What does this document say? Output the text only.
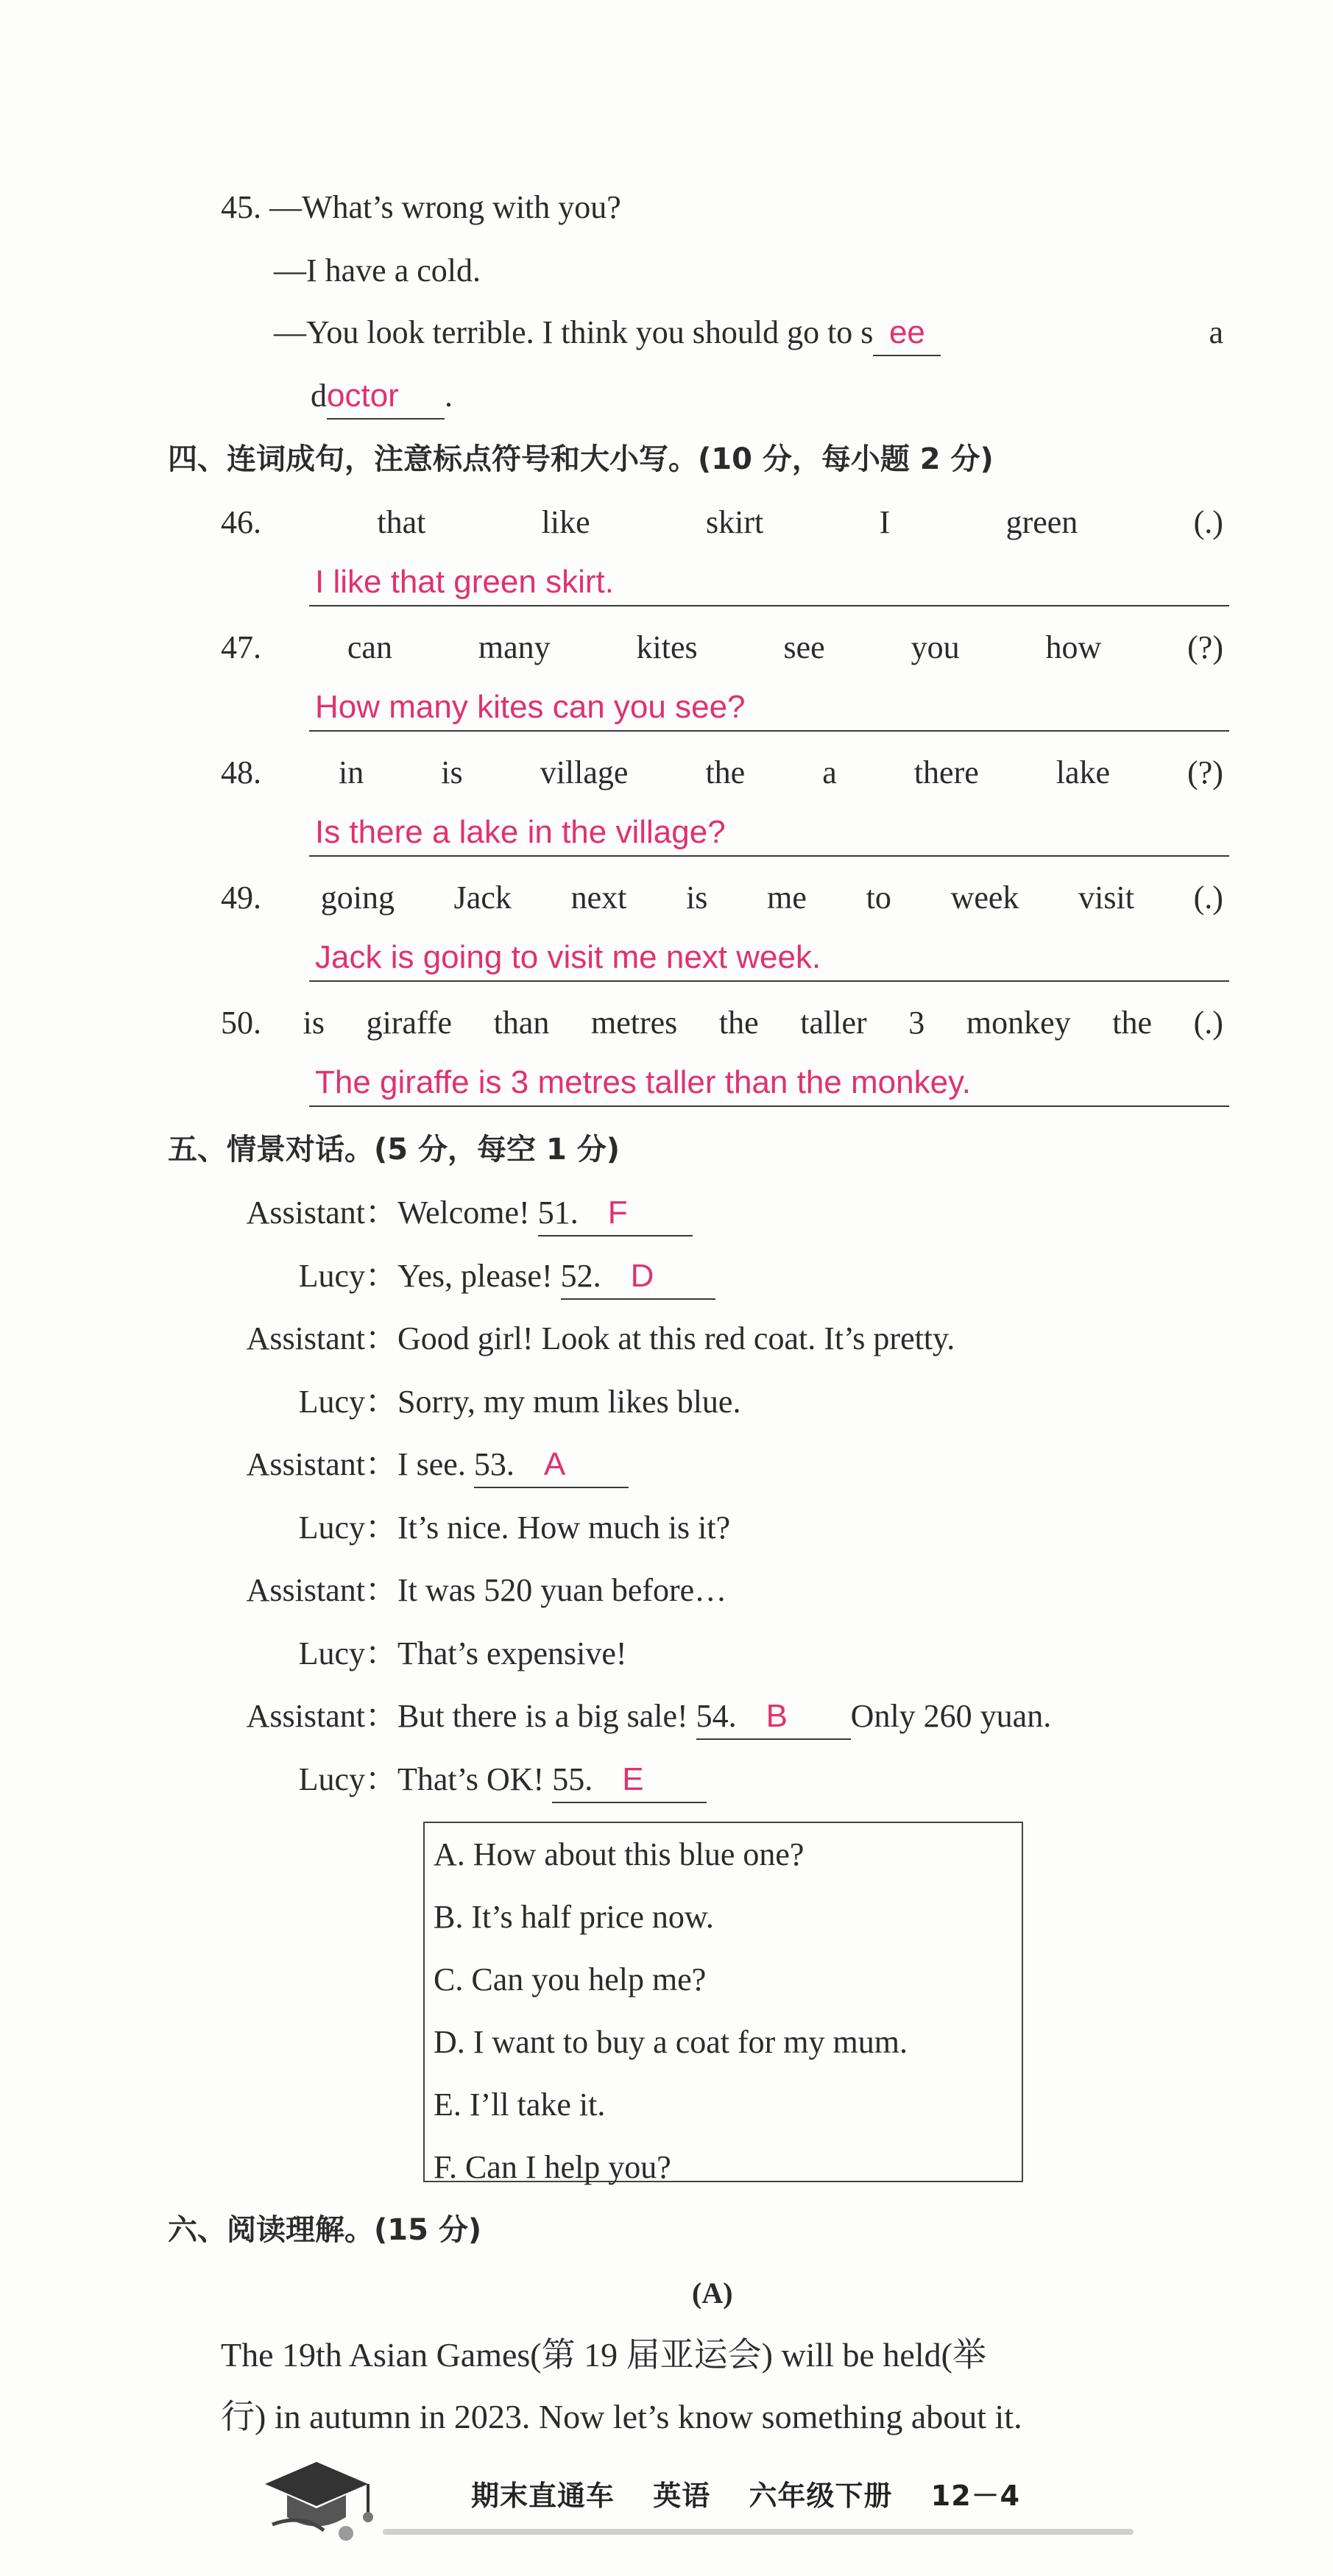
45. —What’s wrong with you?
—I have a cold.
—You look terrible. I think you should go to s ee	a
doctor .
四、连词成句，注意标点符号和大小写。(10 分，每小题 2 分)
46.	that	like	skirt	I	green	(.)
I like that green skirt.
47.	can	many	kites	see	you	how	(?)
How many kites can you see?
48. in is village the a there lake (?)
Is there a lake in the village?
49. going Jack next is me to week visit (.)
Jack is going to visit me next week.
50. is giraffe than metres the taller 3 monkey the (.)
The giraffe is 3 metres taller than the monkey.
五、情景对话。(5 分，每空 1 分)
Assistant：Welcome! 51. F
Lucy：Yes, please! 52. D
Assistant：Good girl! Look at this red coat. It’s pretty.
Lucy：Sorry, my mum likes blue.
Assistant：I see. 53. A
Lucy：It’s nice. How much is it?
Assistant：It was 520 yuan before…
Lucy：That’s expensive!
Assistant：But there is a big sale! 54. B Only 260 yuan.
Lucy：That’s OK! 55. E
A. How about this blue one?
B. It’s half price now.
C. Can you help me?
D. I want to buy a coat for my mum.
E. I’ll take it.
F. Can I help you?
六、阅读理解。(15 分)
(A)
The 19th Asian Games(第 19 届亚运会) will be held(举
行) in autumn in 2023. Now let’s know something about it.
期末直通车 英语 六年级下册 12－4
